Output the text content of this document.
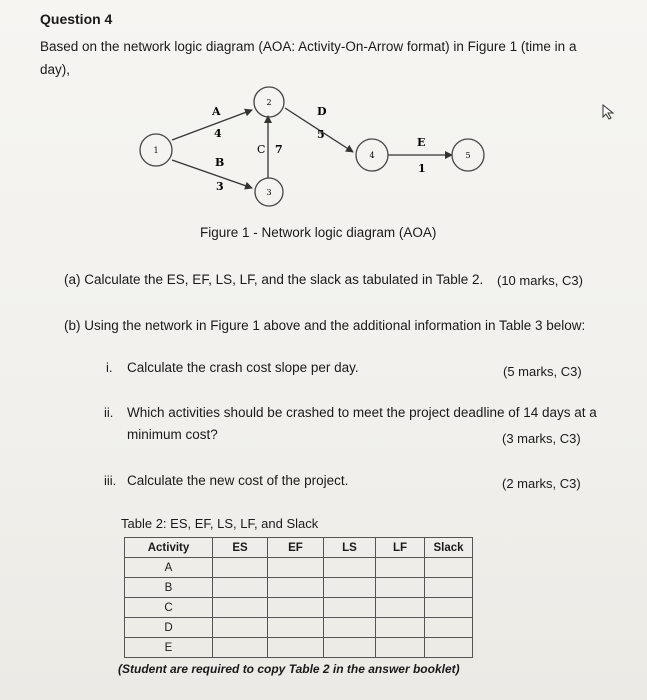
Question 4
Based on the network logic diagram (AOA: Activity-On-Arrow format) in Figure 1 (time in a day),
1
2
3
4	5
A
4
B
3
C 7
D
5
E
1
Figure 1 - Network logic diagram (AOA)
(a) Calculate the ES, EF, LS, LF, and the slack as tabulated in Table 2. (10 marks, C3)
(b) Using the network in Figure 1 above and the additional information in Table 3 below:
i. Calculate the crash cost slope per day.	(5 marks, C3)
ii. Which activities should be crashed to meet the project deadline of 14 days at a
minimum cost?	(3 marks, C3)
iii. Calculate the new cost of the project.	(2 marks, C3)
Table 2: ES, EF, LS, LF, and Slack
Activity	ES	EF	LS	LF	Slack
A					
B					
C					
D					
E					
(Student are required to copy Table 2 in the answer booklet)
